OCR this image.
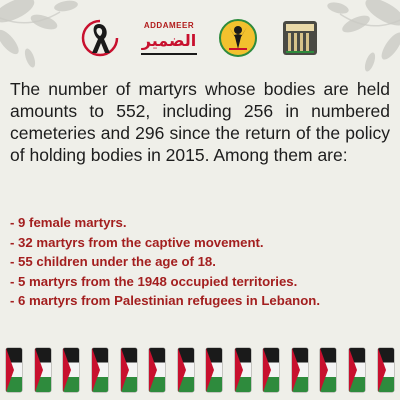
ADDAMEER
الضمير

The number of martyrs whose bodies are held amounts to 552, including 256 in numbered cemeteries and 296 since the return of the policy of holding bodies in 2015. Among them are:

- 9 female martyrs.
- 32 martyrs from the captive movement.
- 55 children under the age of 18.
- 5 martyrs from the 1948 occupied territories.
- 6 martyrs from Palestinian refugees in Lebanon.
